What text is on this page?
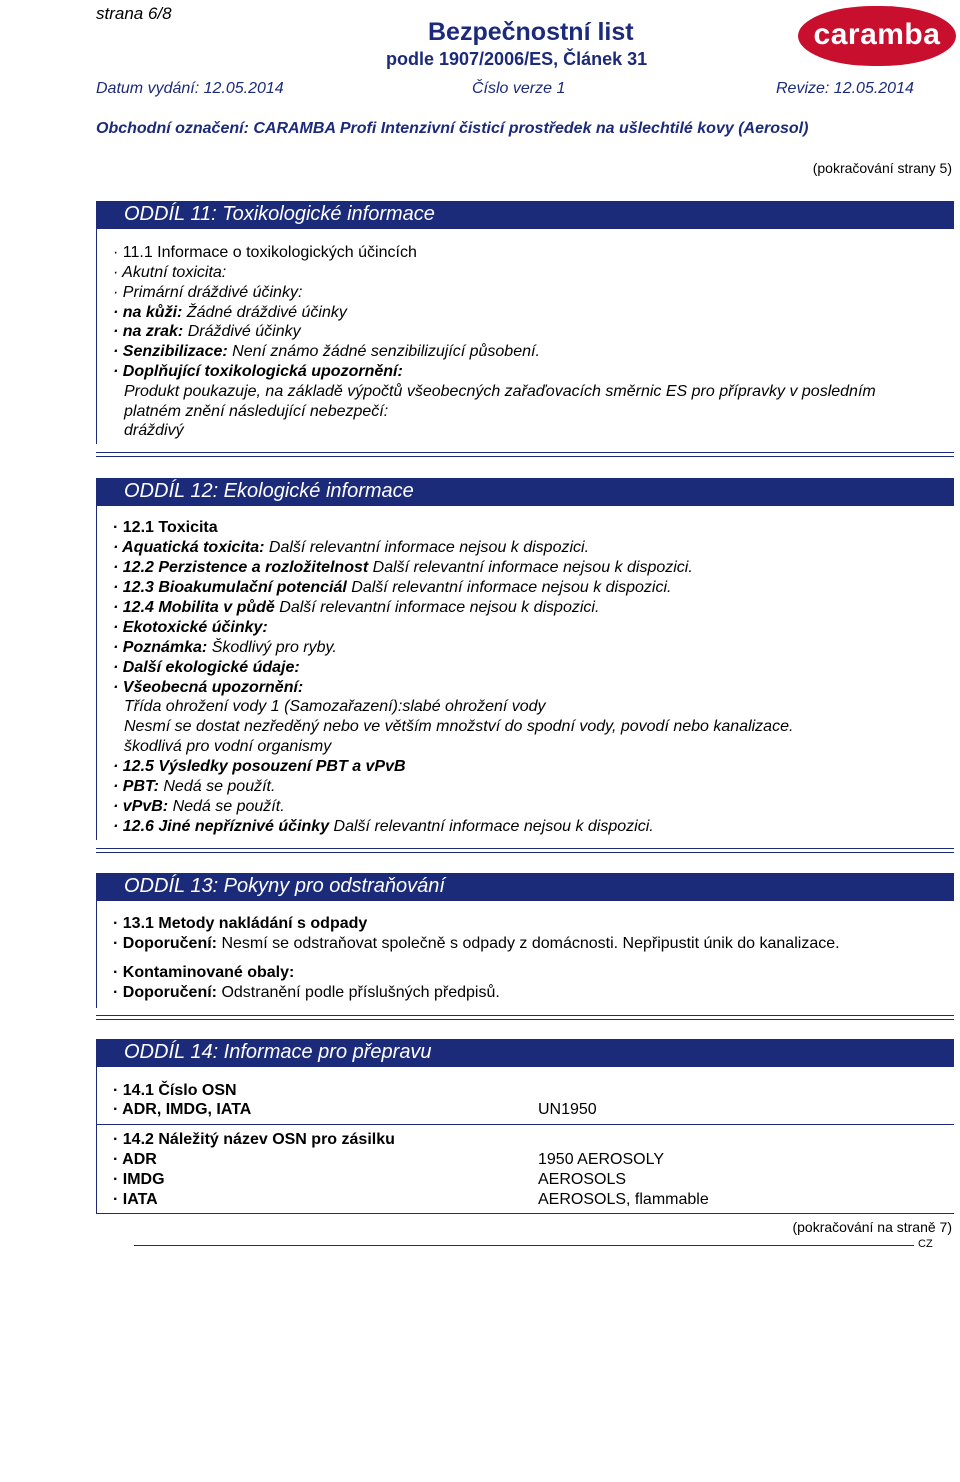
strana 6/8
Bezpečnostní list
podle 1907/2006/ES, Článek 31
caramba
Datum vydání: 12.05.2014	Číslo verze 1	Revize: 12.05.2014
Obchodní označení: CARAMBA Profi Intenzivní čisticí prostředek na ušlechtilé kovy (Aerosol)
(pokračování strany 5)
ODDÍL 11: Toxikologické informace
· 11.1 Informace o toxikologických účincích
· Akutní toxicita:
· Primární dráždivé účinky:
· na kůži: Žádné dráždivé účinky
· na zrak: Dráždivé účinky
· Senzibilizace: Není známo žádné senzibilizující působení.
· Doplňující toxikologická upozornění:
Produkt poukazuje, na základě výpočtů všeobecných zařaďovacích směrnic ES pro přípravky v posledním
platném znění následující nebezpečí:
dráždivý
ODDÍL 12: Ekologické informace
· 12.1 Toxicita
· Aquatická toxicita: Další relevantní informace nejsou k dispozici.
· 12.2 Perzistence a rozložitelnost Další relevantní informace nejsou k dispozici.
· 12.3 Bioakumulační potenciál Další relevantní informace nejsou k dispozici.
· 12.4 Mobilita v půdě Další relevantní informace nejsou k dispozici.
· Ekotoxické účinky:
· Poznámka: Škodlivý pro ryby.
· Další ekologické údaje:
· Všeobecná upozornění:
Třída ohrožení vody 1 (Samozařazení):slabé ohrožení vody
Nesmí se dostat nezředěný nebo ve větším množství do spodní vody, povodí nebo kanalizace.
škodlivá pro vodní organismy
· 12.5 Výsledky posouzení PBT a vPvB
· PBT: Nedá se použít.
· vPvB: Nedá se použít.
· 12.6 Jiné nepříznivé účinky Další relevantní informace nejsou k dispozici.
ODDÍL 13: Pokyny pro odstraňování
· 13.1 Metody nakládání s odpady
· Doporučení: Nesmí se odstraňovat společně s odpady z domácnosti. Nepřipustit únik do kanalizace.
· Kontaminované obaly:
· Doporučení: Odstranění podle příslušných předpisů.
ODDÍL 14: Informace pro přepravu
· 14.1 Číslo OSN
· ADR, IMDG, IATA	UN1950
· 14.2 Náležitý název OSN pro zásilku
· ADR	1950 AEROSOLY
· IMDG	AEROSOLS
· IATA	AEROSOLS, flammable
(pokračování na straně 7)
CZ
